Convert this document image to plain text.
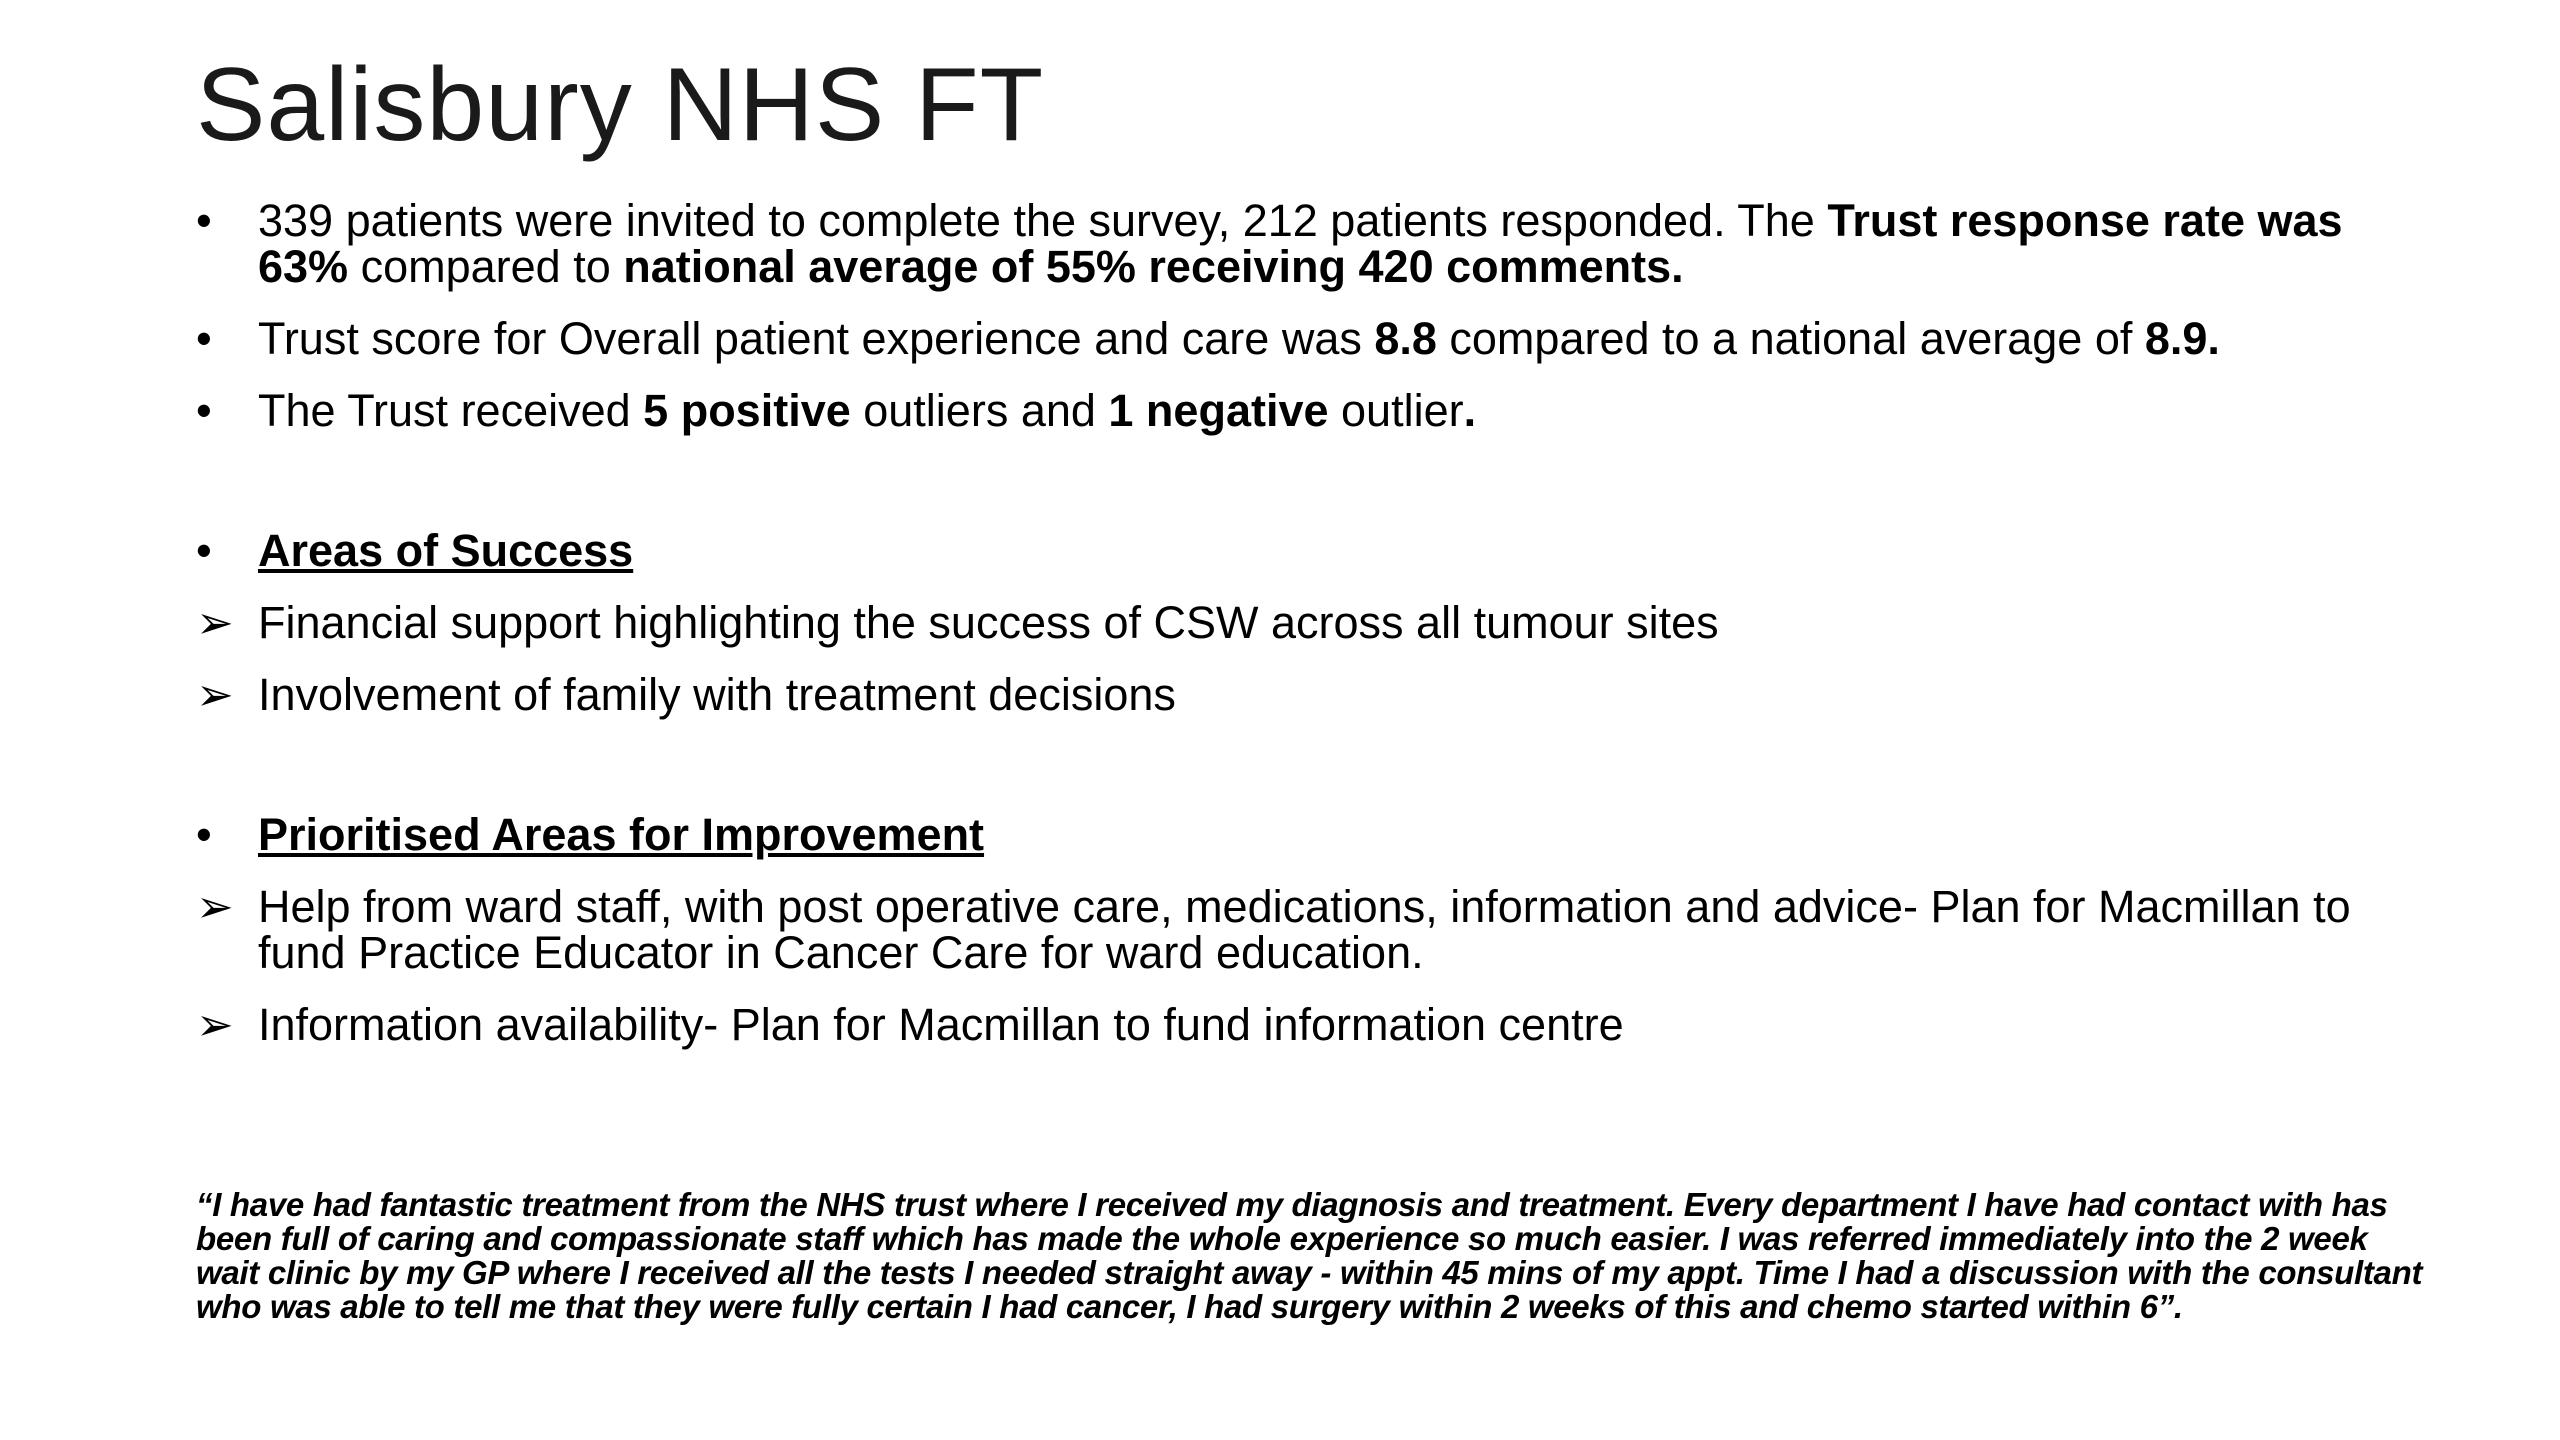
Salisbury NHS FT

•	339 patients were invited to complete the survey, 212 patients responded. The Trust response rate was 63% compared to national average of 55% receiving 420 comments.

•	Trust score for Overall patient experience and care was 8.8 compared to a national average of 8.9.

•	The Trust received 5 positive outliers and 1 negative outlier.

•	Areas of Success

➢ Financial support highlighting the success of CSW across all tumour sites

➢ Involvement of family with treatment decisions

•	Prioritised Areas for Improvement

➢ Help from ward staff, with post operative care, medications, information and advice- Plan for Macmillan to fund Practice Educator in Cancer Care for ward education.

➢ Information availability- Plan for Macmillan to fund information centre

“I have had fantastic treatment from the NHS trust where I received my diagnosis and treatment. Every department I have had contact with has been full of caring and compassionate staff which has made the whole experience so much easier. I was referred immediately into the 2 week wait clinic by my GP where I received all the tests I needed straight away - within 45 mins of my appt. Time I had a discussion with the consultant who was able to tell me that they were fully certain I had cancer, I had surgery within 2 weeks of this and chemo started within 6”.
